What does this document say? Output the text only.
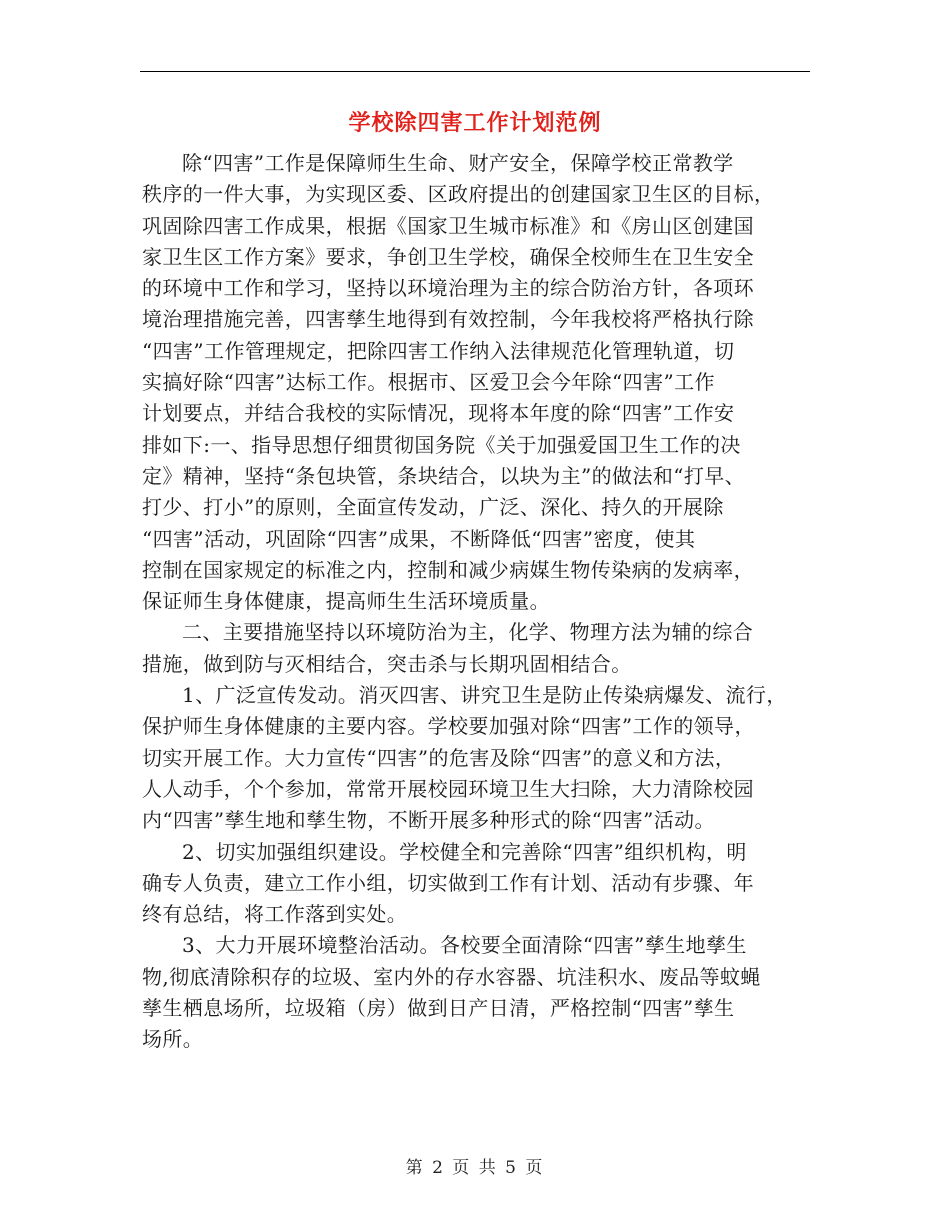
学校除四害工作计划范例
除“四害”工作是保障师生生命、财产安全，保障学校正常教学
秩序的一件大事，为实现区委、区政府提出的创建国家卫生区的目标，
巩固除四害工作成果，根据《国家卫生城市标准》和《房山区创建国
家卫生区工作方案》要求，争创卫生学校，确保全校师生在卫生安全
的环境中工作和学习，坚持以环境治理为主的综合防治方针，各项环
境治理措施完善，四害孳生地得到有效控制，今年我校将严格执行除
“四害”工作管理规定，把除四害工作纳入法律规范化管理轨道，切
实搞好除“四害”达标工作。根据市、区爱卫会今年除“四害”工作
计划要点，并结合我校的实际情况，现将本年度的除“四害”工作安
排如下:一、指导思想仔细贯彻国务院《关于加强爱国卫生工作的决
定》精神，坚持“条包块管，条块结合，以块为主”的做法和“打早、
打少、打小”的原则，全面宣传发动，广泛、深化、持久的开展除
“四害”活动，巩固除“四害”成果，不断降低“四害”密度，使其
控制在国家规定的标准之内，控制和减少病媒生物传染病的发病率，
保证师生身体健康，提高师生生活环境质量。
二、主要措施坚持以环境防治为主，化学、物理方法为辅的综合
措施，做到防与灭相结合，突击杀与长期巩固相结合。
1、广泛宣传发动。消灭四害、讲究卫生是防止传染病爆发、流行，
保护师生身体健康的主要内容。学校要加强对除“四害”工作的领导，
切实开展工作。大力宣传“四害”的危害及除“四害”的意义和方法，
人人动手，个个参加，常常开展校园环境卫生大扫除，大力清除校园
内“四害”孳生地和孳生物，不断开展多种形式的除“四害”活动。
2、切实加强组织建设。学校健全和完善除“四害”组织机构，明
确专人负责，建立工作小组，切实做到工作有计划、活动有步骤、年
终有总结，将工作落到实处。
3、大力开展环境整治活动。各校要全面清除“四害”孳生地孳生
物,彻底清除积存的垃圾、室内外的存水容器、坑洼积水、废品等蚊蝇
孳生栖息场所，垃圾箱（房）做到日产日清，严格控制“四害”孳生
场所。
第 2 页 共 5 页
